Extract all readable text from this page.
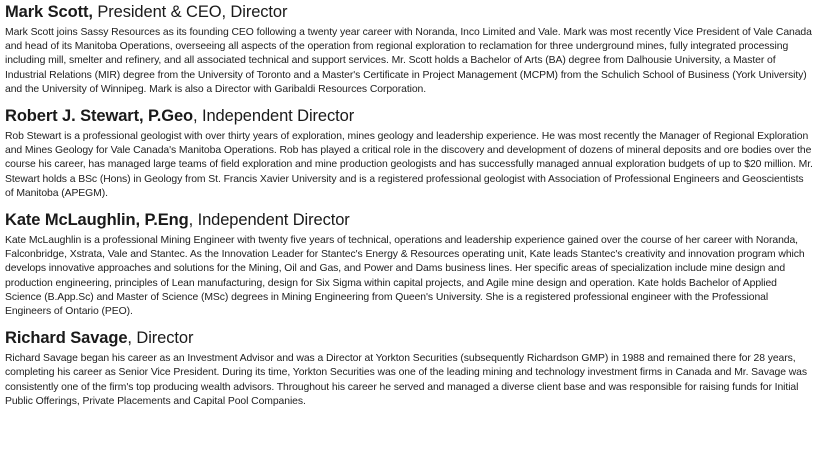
Mark Scott, President & CEO, Director

Mark Scott joins Sassy Resources as its founding CEO following a twenty year career with Noranda, Inco Limited and Vale. Mark was most recently Vice President of Vale Canada and head of its Manitoba Operations, overseeing all aspects of the operation from regional exploration to reclamation for three underground mines, fully integrated processing including mill, smelter and refinery, and all associated technical and support services. Mr. Scott holds a Bachelor of Arts (BA) degree from Dalhousie University, a Master of Industrial Relations (MIR) degree from the University of Toronto and a Master's Certificate in Project Management (MCPM) from the Schulich School of Business (York University) and the University of Winnipeg. Mark is also a Director with Garibaldi Resources Corporation.

Robert J. Stewart, P.Geo, Independent Director

Rob Stewart is a professional geologist with over thirty years of exploration, mines geology and leadership experience. He was most recently the Manager of Regional Exploration and Mines Geology for Vale Canada's Manitoba Operations. Rob has played a critical role in the discovery and development of dozens of mineral deposits and ore bodies over the course his career, has managed large teams of field exploration and mine production geologists and has successfully managed annual exploration budgets of up to $20 million. Mr. Stewart holds a BSc (Hons) in Geology from St. Francis Xavier University and is a registered professional geologist with Association of Professional Engineers and Geoscientists of Manitoba (APEGM).

Kate McLaughlin, P.Eng, Independent Director

Kate McLaughlin is a professional Mining Engineer with twenty five years of technical, operations and leadership experience gained over the course of her career with Noranda, Falconbridge, Xstrata, Vale and Stantec. As the Innovation Leader for Stantec's Energy & Resources operating unit, Kate leads Stantec's creativity and innovation program which develops innovative approaches and solutions for the Mining, Oil and Gas, and Power and Dams business lines. Her specific areas of specialization include mine design and production engineering, principles of Lean manufacturing, design for Six Sigma within capital projects, and Agile mine design and operation. Kate holds Bachelor of Applied Science (B.App.Sc) and Master of Science (MSc) degrees in Mining Engineering from Queen's University. She is a registered professional engineer with the Professional Engineers of Ontario (PEO).

Richard Savage, Director

Richard Savage began his career as an Investment Advisor and was a Director at Yorkton Securities (subsequently Richardson GMP) in 1988 and remained there for 28 years, completing his career as Senior Vice President. During its time, Yorkton Securities was one of the leading mining and technology investment firms in Canada and Mr. Savage was consistently one of the firm's top producing wealth advisors. Throughout his career he served and managed a diverse client base and was responsible for raising funds for Initial Public Offerings, Private Placements and Capital Pool Companies.
